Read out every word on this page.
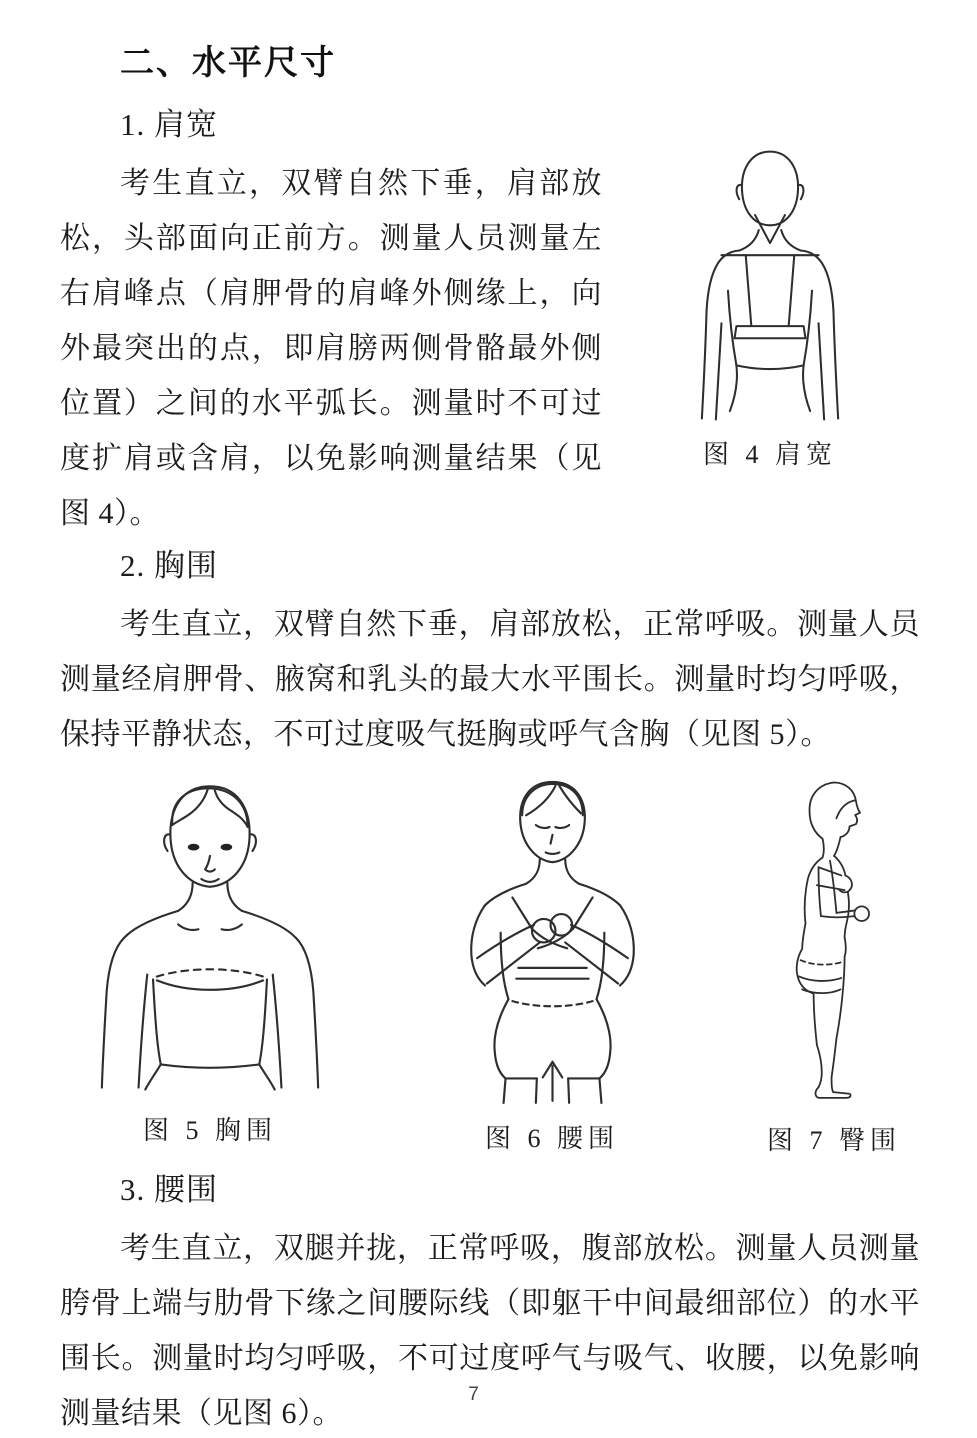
二、水平尺寸
1. 肩宽
图 4 肩宽

考生直立，双臂自然下垂，肩部放松，头部面向正前方。测量人员测量左右肩峰点（肩胛骨的肩峰外侧缘上，向外最突出的点，即肩膀两侧骨骼最外侧位置）之间的水平弧长。测量时不可过度扩肩或含肩，以免影响测量结果（见图 4）。

2. 胸围

考生直立，双臂自然下垂，肩部放松，正常呼吸。测量人员测量经肩胛骨、腋窝和乳头的最大水平围长。测量时均匀呼吸，保持平静状态，不可过度吸气挺胸或呼气含胸（见图 5）。

图 5 胸围	图 6 腰围	图 7 臀围
3. 腰围

考生直立，双腿并拢，正常呼吸，腹部放松。测量人员测量胯骨上端与肋骨下缘之间腰际线（即躯干中间最细部位）的水平围长。测量时均匀呼吸，不可过度呼气与吸气、收腰，以免影响测量结果（见图 6）。

7
